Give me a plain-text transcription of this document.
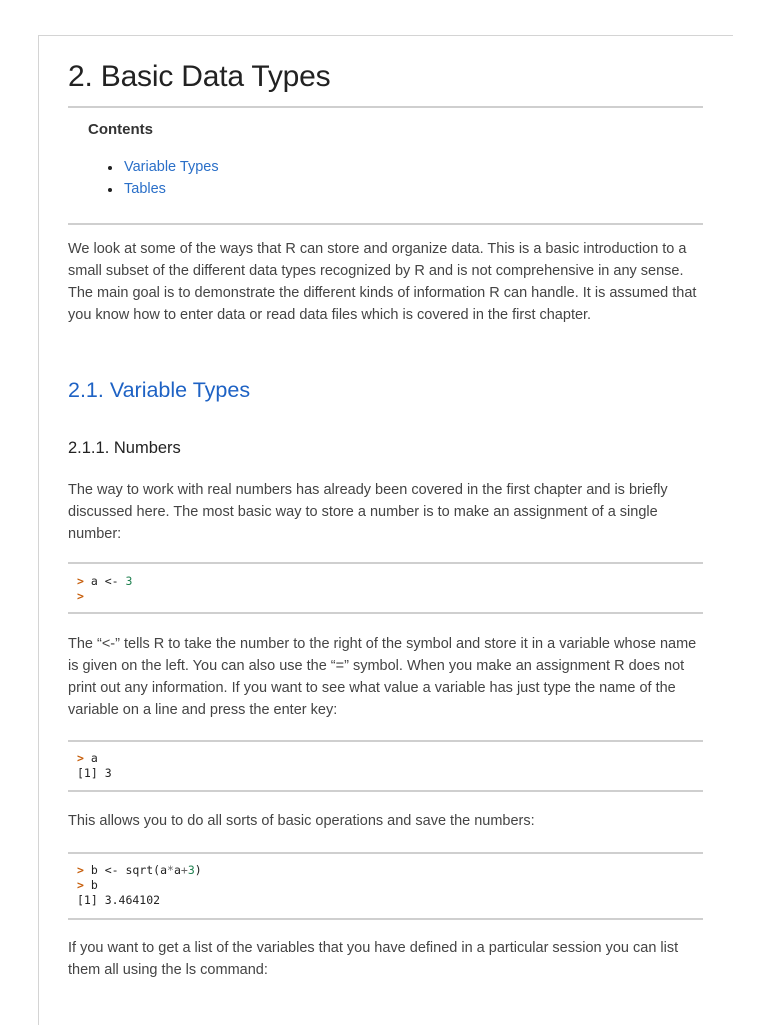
2. Basic Data Types
Contents
Variable Types
Tables

We look at some of the ways that R can store and organize data. This is a basic introduction to a small subset of the different data types recognized by R and is not comprehensive in any sense. The main goal is to demonstrate the different kinds of information R can handle. It is assumed that you know how to enter data or read data files which is covered in the first chapter.

2.1. Variable Types
2.1.1. Numbers

The way to work with real numbers has already been covered in the first chapter and is briefly discussed here. The most basic way to store a number is to make an assignment of a single number:

> a <- 3
>

The “<-” tells R to take the number to the right of the symbol and store it in a variable whose name is given on the left. You can also use the “=” symbol. When you make an assignment R does not print out any information. If you want to see what value a variable has just type the name of the variable on a line and press the enter key:

> a
[1] 3

This allows you to do all sorts of basic operations and save the numbers:

> b <- sqrt(a*a+3)
> b
[1] 3.464102

If you want to get a list of the variables that you have defined in a particular session you can list them all using the ls command:
